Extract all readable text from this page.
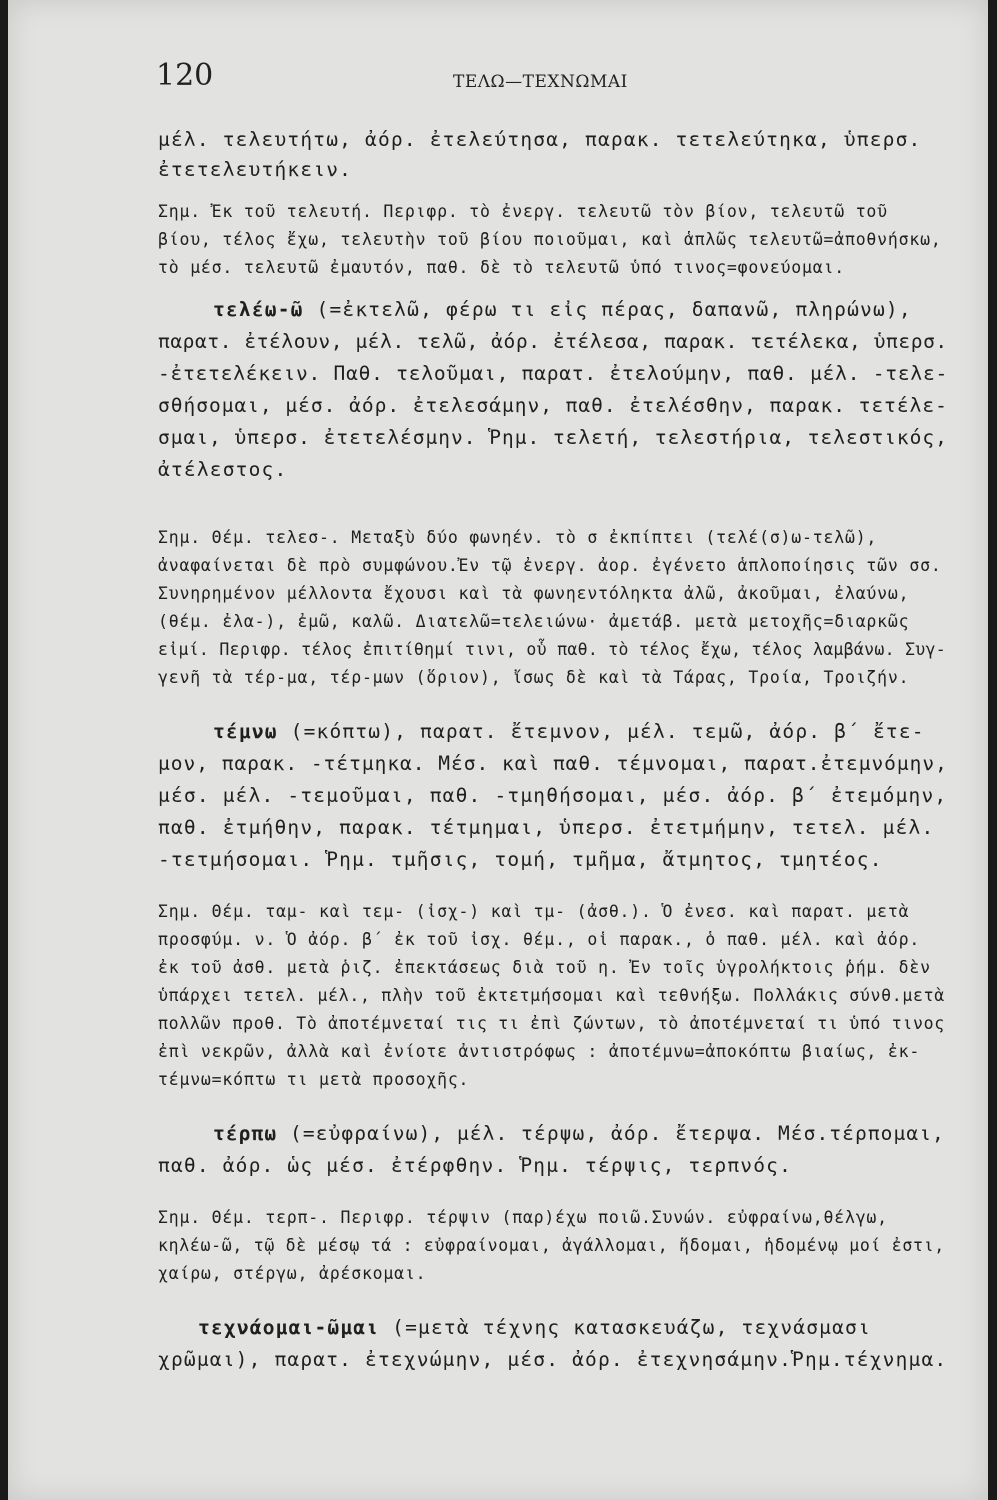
120	ΤΕΛΩ—ΤΕΧΝΩΜΑΙ
μέλ. τελευτήτω, ἀόρ. ἐτελεύτησα, παρακ. τετελεύτηκα, ὑπερσ.
ἐτετελευτήκειν.
Σημ. Ἐκ τοῦ τελευτή. Περιφρ. τὸ ἐνεργ. τελευτῶ τὸν βίον, τελευτῶ τοῦ
βίου, τέλος ἔχω, τελευτὴν τοῦ βίου ποιοῦμαι, καὶ ἁπλῶς τελευτῶ=ἀποθνήσκω,
τὸ μέσ. τελευτῶ ἐμαυτόν, παθ. δὲ τὸ τελευτῶ ὑπό τινος=φονεύομαι.
τελέω-ῶ (=ἐκτελῶ, φέρω τι εἰς πέρας, δαπανῶ, πληρώνω),
παρατ. ἐτέλουν, μέλ. τελῶ, ἀόρ. ἐτέλεσα, παρακ. τετέλεκα, ὑπερσ.
-ἐτετελέκειν. Παθ. τελοῦμαι, παρατ. ἐτελούμην, παθ. μέλ. -τελε-
σθήσομαι, μέσ. ἀόρ. ἐτελεσάμην, παθ. ἐτελέσθην, παρακ. τετέλε-
σμαι, ὑπερσ. ἐτετελέσμην. Ῥημ. τελετή, τελεστήρια, τελεστικός,
ἀτέλεστος.
Σημ. Θέμ. τελεσ-. Μεταξὺ δύο φωνηέν. τὸ σ ἐκπίπτει (τελέ(σ)ω-τελῶ),
ἀναφαίνεται δὲ πρὸ συμφώνου.Ἐν τῷ ἐνεργ. ἀορ. ἐγένετο ἁπλοποίησις τῶν σσ.
Συνηρημένον μέλλοντα ἔχουσι καὶ τὰ φωνηεντόληκτα ἀλῶ, ἀκοῦμαι, ἐλαύνω,
(θέμ. ἐλα-), ἐμῶ, καλῶ. Διατελῶ=τελειώνω· ἀμετάβ. μετὰ μετοχῆς=διαρκῶς
εἰμί. Περιφρ. τέλος ἐπιτίθημί τινι, οὗ παθ. τὸ τέλος ἔχω, τέλος λαμβάνω. Συγ-
γενῆ τὰ τέρ-μα, τέρ-μων (ὅριον), ἴσως δὲ καὶ τὰ Τάρας, Τροία, Τροιζήν.
τέμνω (=κόπτω), παρατ. ἔτεμνον, μέλ. τεμῶ, ἀόρ. β΄ ἔτε-
μον, παρακ. -τέτμηκα. Μέσ. καὶ παθ. τέμνομαι, παρατ.ἐτεμνόμην,
μέσ. μέλ. -τεμοῦμαι, παθ. -τμηθήσομαι, μέσ. ἀόρ. β΄ ἐτεμόμην,
παθ. ἐτμήθην, παρακ. τέτμημαι, ὑπερσ. ἐτετμήμην, τετελ. μέλ.
-τετμήσομαι. Ῥημ. τμῆσις, τομή, τμῆμα, ἄτμητος, τμητέος.
Σημ. Θέμ. ταμ- καὶ τεμ- (ἰσχ-) καὶ τμ- (ἀσθ.). Ὁ ἐνεσ. καὶ παρατ. μετὰ
προσφύμ. ν. Ὁ ἀόρ. β΄ ἐκ τοῦ ἰσχ. θέμ., οἱ παρακ., ὁ παθ. μέλ. καὶ ἀόρ.
ἐκ τοῦ ἀσθ. μετὰ ῥιζ. ἐπεκτάσεως διὰ τοῦ η. Ἐν τοῖς ὑγρολήκτοις ῥήμ. δὲν
ὑπάρχει τετελ. μέλ., πλὴν τοῦ ἐκτετμήσομαι καὶ τεθνήξω. Πολλάκις σύνθ.μετὰ
πολλῶν προθ. Τὸ ἀποτέμνεταί τις τι ἐπὶ ζώντων, τὸ ἀποτέμνεταί τι ὑπό τινος
ἐπὶ νεκρῶν, ἀλλὰ καὶ ἐνίοτε ἀντιστρόφως : ἀποτέμνω=ἀποκόπτω βιαίως, ἐκ-
τέμνω=κόπτω τι μετὰ προσοχῆς.
τέρπω (=εὐφραίνω), μέλ. τέρψω, ἀόρ. ἔτερψα. Μέσ.τέρπομαι,
παθ. ἀόρ. ὡς μέσ. ἐτέρφθην. Ῥημ. τέρψις, τερπνός.
Σημ. Θέμ. τερπ-. Περιφρ. τέρψιν (παρ)έχω ποιῶ.Συνών. εὐφραίνω,θέλγω,
κηλέω-ῶ, τῷ δὲ μέσῳ τά : εὐφραίνομαι, ἀγάλλομαι, ἥδομαι, ἡδομένῳ μοί ἐστι,
χαίρω, στέργω, ἀρέσκομαι.
τεχνάομαι-ῶμαι (=μετὰ τέχνης κατασκευάζω, τεχνάσμασι
χρῶμαι), παρατ. ἐτεχνώμην, μέσ. ἀόρ. ἐτεχνησάμην.Ῥημ.τέχνημα.
